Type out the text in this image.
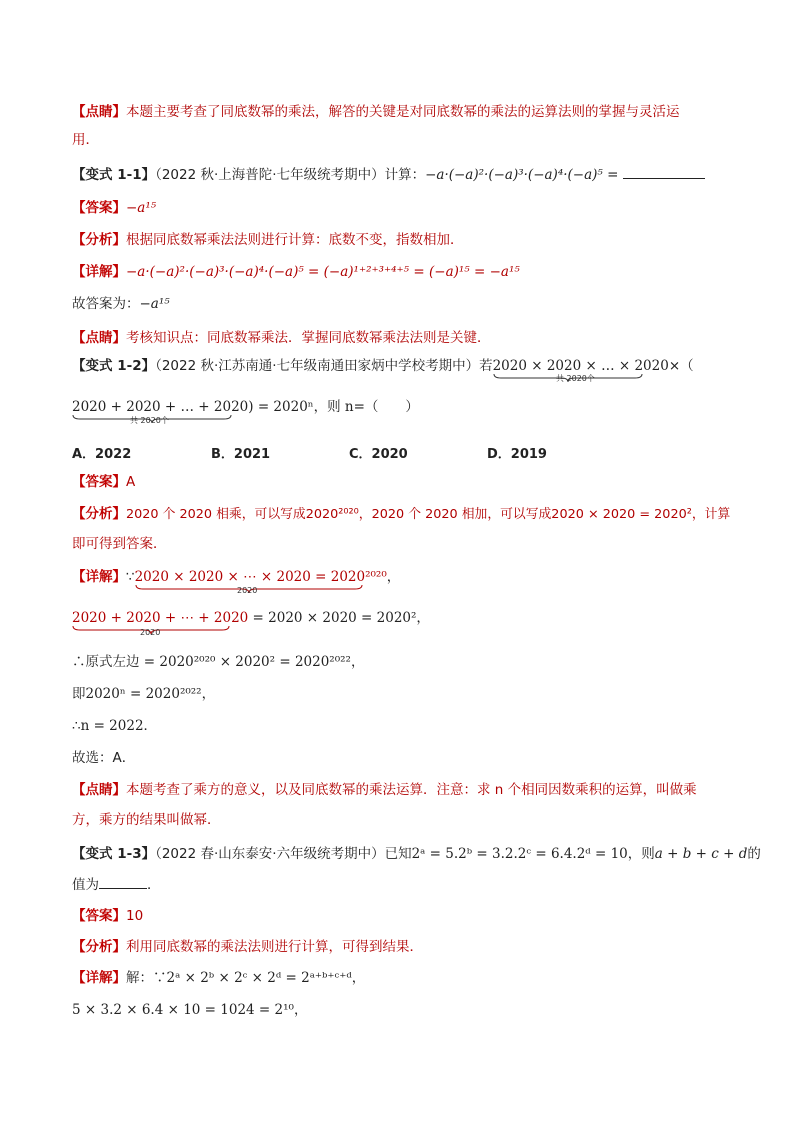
【点睛】本题主要考查了同底数幂的乘法，解答的关键是对同底数幂的乘法的运算法则的掌握与灵活运
用．
【变式 1-1】（2022 秋·上海普陀·七年级统考期中）计算：−a·(−a)²·(−a)³·(−a)⁴·(−a)⁵ =
【答案】−a¹⁵
【分析】根据同底数幂乘法法则进行计算：底数不变，指数相加．
【详解】−a·(−a)²·(−a)³·(−a)⁴·(−a)⁵ = (−a)¹⁺²⁺³⁺⁴⁺⁵ = (−a)¹⁵ = −a¹⁵
故答案为：−a¹⁵
【点睛】考核知识点：同底数幂乘法．掌握同底数幂乘法法则是关键．
【变式 1-2】（2022 秋·江苏南通·七年级南通田家炳中学校考期中）若2020 × 2020 × … × 2020
×（
共 2020个
2020 + 2020 + … + 2020
) = 2020ⁿ，则 n=（　　）
共 2020个
A．2022	B．2021	C．2020	D．2019
【答案】A
【分析】2020 个 2020 相乘，可以写成2020²⁰²⁰，2020 个 2020 相加，可以写成2020 × 2020 = 2020²，计算
即可得到答案．
【详解】∵2020 × 2020 × ⋯ × 2020 = 2020²⁰²⁰
，
2020
2020 + 2020 + ⋯ + 2020
= 2020 × 2020 = 2020²，
2020
∴原式左边 = 2020²⁰²⁰ × 2020² = 2020²⁰²²，
即2020ⁿ = 2020²⁰²²，
∴n = 2022．
故选：A．
【点睛】本题考查了乘方的意义，以及同底数幂的乘法运算．注意：求 n 个相同因数乘积的运算，叫做乘
方，乘方的结果叫做幂．
【变式 1-3】（2022 春·山东泰安·六年级统考期中）已知2ᵃ = 5.2ᵇ = 3.2.2ᶜ = 6.4.2ᵈ = 10，则a + b + c + d的
值为	．
【答案】10
【分析】利用同底数幂的乘法法则进行计算，可得到结果．
【详解】解：∵2ᵃ × 2ᵇ × 2ᶜ × 2ᵈ = 2ᵃ⁺ᵇ⁺ᶜ⁺ᵈ，
5 × 3.2 × 6.4 × 10 = 1024 = 2¹⁰，
